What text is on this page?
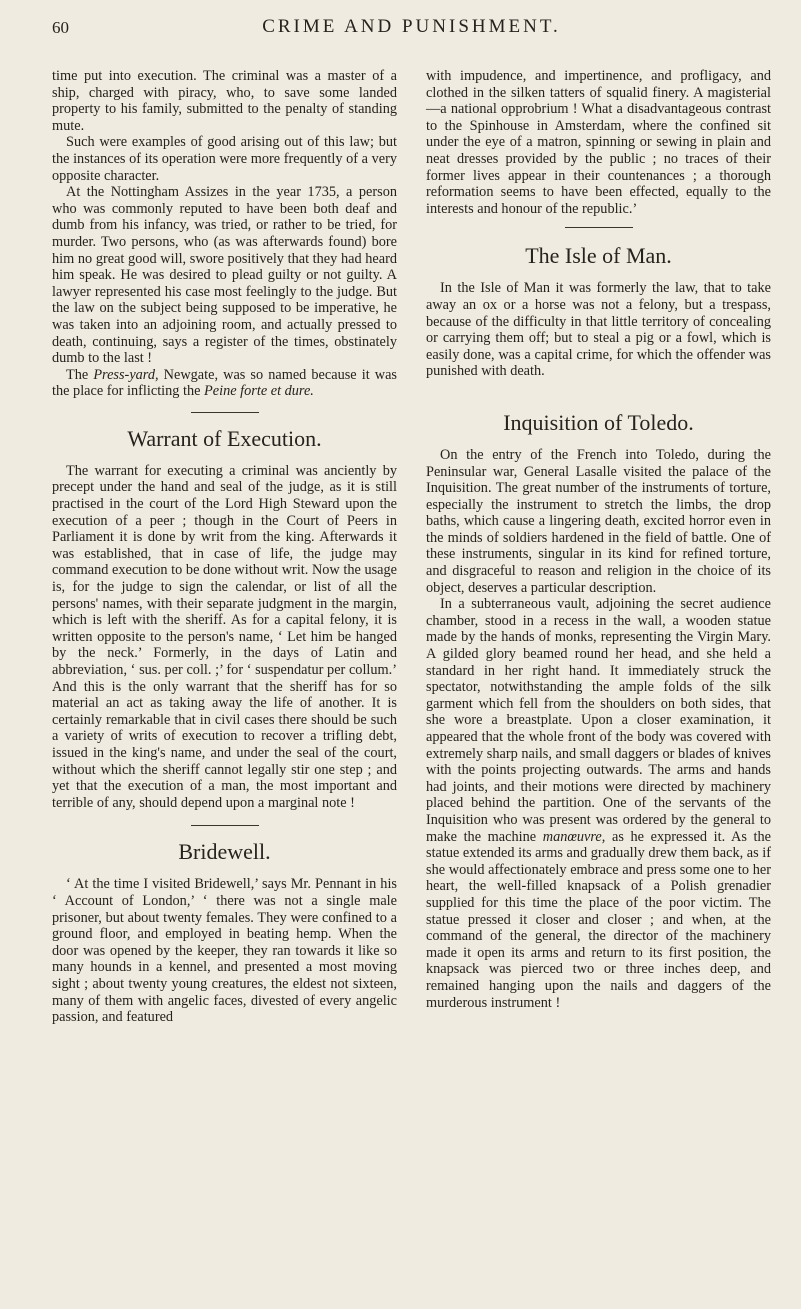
60	CRIME AND PUNISHMENT.

time put into execution. The criminal was a master of a ship, charged with piracy, who, to save some landed property to his family, submitted to the penalty of standing mute.

Such were examples of good arising out of this law; but the instances of its operation were more frequently of a very opposite character.

At the Nottingham Assizes in the year 1735, a person who was commonly reputed to have been both deaf and dumb from his infancy, was tried, or rather to be tried, for murder. Two persons, who (as was afterwards found) bore him no great good will, swore positively that they had heard him speak. He was desired to plead guilty or not guilty. A lawyer represented his case most feelingly to the judge. But the law on the subject being supposed to be imperative, he was taken into an adjoining room, and actually pressed to death, continuing, says a register of the times, obstinately dumb to the last !

The Press-yard, Newgate, was so named because it was the place for inflicting the Peine forte et dure.

Warrant of Execution.

The warrant for executing a criminal was anciently by precept under the hand and seal of the judge, as it is still practised in the court of the Lord High Steward upon the execution of a peer ; though in the Court of Peers in Parliament it is done by writ from the king. Afterwards it was established, that in case of life, the judge may command execution to be done without writ. Now the usage is, for the judge to sign the calendar, or list of all the persons' names, with their separate judgment in the margin, which is left with the sheriff. As for a capital felony, it is written opposite to the person's name, ‘ Let him be hanged by the neck.’ Formerly, in the days of Latin and abbreviation, ‘ sus. per coll. ;’ for ‘ suspendatur per collum.’ And this is the only warrant that the sheriff has for so material an act as taking away the life of another. It is certainly remarkable that in civil cases there should be such a variety of writs of execution to recover a trifling debt, issued in the king's name, and under the seal of the court, without which the sheriff cannot legally stir one step ; and yet that the execution of a man, the most important and terrible of any, should depend upon a marginal note !

Bridewell.

‘ At the time I visited Bridewell,’ says Mr. Pennant in his ‘ Account of London,’ ‘ there was not a single male prisoner, but about twenty females. They were confined to a ground floor, and employed in beating hemp. When the door was opened by the keeper, they ran towards it like so many hounds in a kennel, and presented a most moving sight ; about twenty young creatures, the eldest not sixteen, many of them with angelic faces, divested of every angelic passion, and featured

with impudence, and impertinence, and profligacy, and clothed in the silken tatters of squalid finery. A magisterial—a national opprobrium ! What a disadvantageous contrast to the Spinhouse in Amsterdam, where the confined sit under the eye of a matron, spinning or sewing in plain and neat dresses provided by the public ; no traces of their former lives appear in their countenances ; a thorough reformation seems to have been effected, equally to the interests and honour of the republic.’

The Isle of Man.

In the Isle of Man it was formerly the law, that to take away an ox or a horse was not a felony, but a trespass, because of the difficulty in that little territory of concealing or carrying them off; but to steal a pig or a fowl, which is easily done, was a capital crime, for which the offender was punished with death.

Inquisition of Toledo.

On the entry of the French into Toledo, during the Peninsular war, General Lasalle visited the palace of the Inquisition. The great number of the instruments of torture, especially the instrument to stretch the limbs, the drop baths, which cause a lingering death, excited horror even in the minds of soldiers hardened in the field of battle. One of these instruments, singular in its kind for refined torture, and disgraceful to reason and religion in the choice of its object, deserves a particular description.

In a subterraneous vault, adjoining the secret audience chamber, stood in a recess in the wall, a wooden statue made by the hands of monks, representing the Virgin Mary. A gilded glory beamed round her head, and she held a standard in her right hand. It immediately struck the spectator, notwithstanding the ample folds of the silk garment which fell from the shoulders on both sides, that she wore a breastplate. Upon a closer examination, it appeared that the whole front of the body was covered with extremely sharp nails, and small daggers or blades of knives with the points projecting outwards. The arms and hands had joints, and their motions were directed by machinery placed behind the partition. One of the servants of the Inquisition who was present was ordered by the general to make the machine manœuvre, as he expressed it. As the statue extended its arms and gradually drew them back, as if she would affectionately embrace and press some one to her heart, the well-filled knapsack of a Polish grenadier supplied for this time the place of the poor victim. The statue pressed it closer and closer ; and when, at the command of the general, the director of the machinery made it open its arms and return to its first position, the knapsack was pierced two or three inches deep, and remained hanging upon the nails and daggers of the murderous instrument !
